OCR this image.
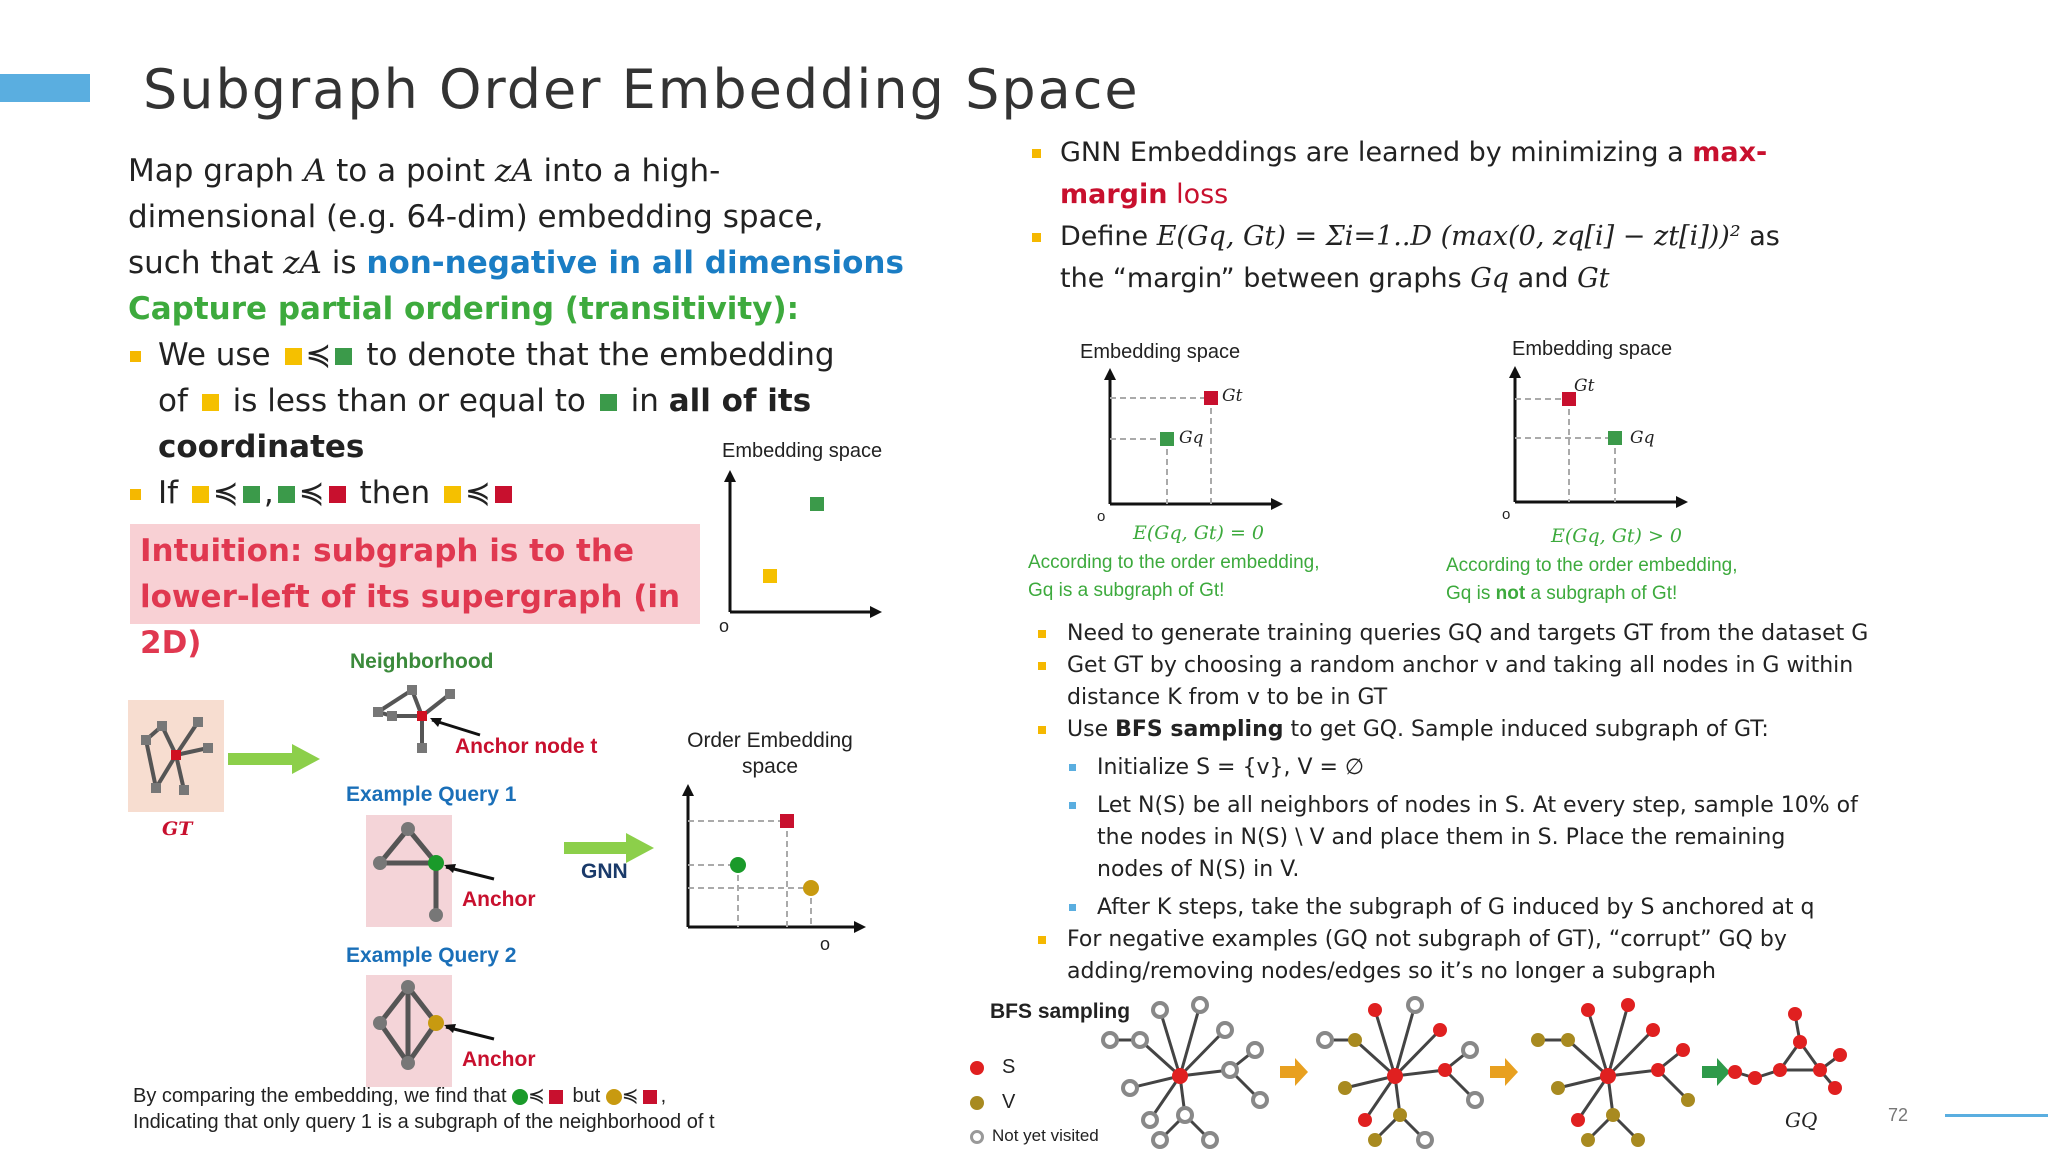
Subgraph Order Embedding Space

Map graph A to a point zA into a high-

dimensional (e.g. 64-dim) embedding space,

such that zA is non-negative in all dimensions

Capture partial ordering (transitivity):

We use ≼ to denote that the embedding

of  is less than or equal to  in all of its

coordinates

If ≼ , ≼ then ≼

Intuition: subgraph is to the
lower-left of its supergraph (in 2D)
Embedding space
o
Neighborhood
GT
Anchor node t
Example Query 1
Anchor
Example Query 2
Anchor
GNN
Order Embedding
space
o
By comparing the embedding, we find that ≼ but ≼ ,
Indicating that only query 1 is a subgraph of the neighborhood of t

GNN Embeddings are learned by minimizing a max-

margin loss

Define E(Gq, Gt) = Σi=1..D (max(0, zq[i] − zt[i]))² as

the “margin” between graphs Gq and Gt

Embedding space
Gt
Gq
o
E(Gq, Gt) = 0
According to the order embedding,
Gq is a subgraph of Gt!
Embedding space
Gt
Gq
o
E(Gq, Gt) > 0
According to the order embedding,
Gq is not a subgraph of Gt!

Need to generate training queries GQ and targets GT from the dataset G

Get GT by choosing a random anchor v and taking all nodes in G within

distance K from v to be in GT

Use BFS sampling to get GQ. Sample induced subgraph of GT:

Initialize S = {v}, V = ∅

Let N(S) be all neighbors of nodes in S. At every step, sample 10% of

the nodes in N(S) \ V and place them in S. Place the remaining

nodes of N(S) in V.

After K steps, take the subgraph of G induced by S anchored at q

For negative examples (GQ not subgraph of GT), “corrupt” GQ by

adding/removing nodes/edges so it’s no longer a subgraph

BFS sampling
S
V
Not yet visited
GQ	72
